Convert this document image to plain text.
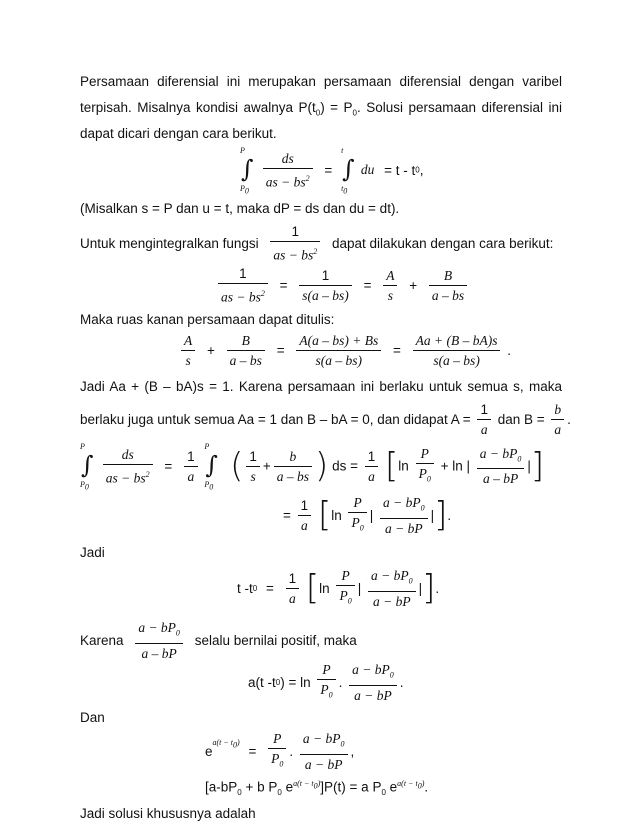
Persamaan diferensial ini merupakan persamaan diferensial dengan varibel
terpisah. Misalnya kondisi awalnya $P(t_0) = P_0$. Solusi persamaan diferensial ini
dapat dicari dengan cara berikut.
∫
P
$P_0$

$\frac{ds}{as - bs^2}$ = ∫
t
$t_0$
du = t - t0,
(Misalkan s = P dan u = t, maka dP = ds dan du = dt).
Untuk mengintegralkan fungsi $\frac{1}{as - bs^2}$ dapat dilakukan dengan cara berikut:
$\frac{1}{as - bs^2} = \frac{1}{s(a - bs)} = \frac{A}{s} + \frac{B}{a - bs}$
Maka ruas kanan persamaan dapat ditulis:
$\frac{A}{s} + \frac{B}{a - bs} = \frac{A(a - bs) + Bs}{s(a - bs)} = \frac{Aa + (B - bA)s}{s(a - bs)}$ .
Jadi Aa + (B – bA)s = 1. Karena persamaan ini berlaku untuk semua s, maka
berlaku juga untuk semua Aa = 1 dan B – bA = 0, dan didapat $A = \frac{1}{a}$ dan $B = \frac{b}{a}$ .
∫
P
$P_0$

$\frac{ds}{as - bs^2} = \frac{1}{a}$
∫
P
$P_0$
( $\frac{1}{s} + \frac{b}{a - bs}$ ) ds = $\frac{1}{a} [\ln \frac{P}{P_0} + \ln$ | $\frac{a - bP_0}{a - bP}$ |]
= $\frac{1}{a} [\ln \frac{P}{P_0}$ | $\frac{a - bP_0}{a - bP}$ |].
Jadi
t $-t0 = \frac{1}{a} [\ln \frac{P}{P_0}$ | $\frac{a - bP_0}{a - bP}$ |].
Karena $\frac{a - bP_0}{a - bP}$ selalu bernilai positif, maka
a(t $-t0) = \ln \frac{P}{P_0}$ . $\frac{a - bP_0}{a - bP}$ .
Dan
$e^{a(t - t_0)} = \frac{P}{P_0}$ . $\frac{a - bP_0}{a - bP}$ ,
[$a-bP_0 + b$ $P_0$ $e^{a(t - t_0)}]P(t) = a$ $P_0$ $e^{a(t - t_0)}$.
Jadi solusi khususnya adalah
